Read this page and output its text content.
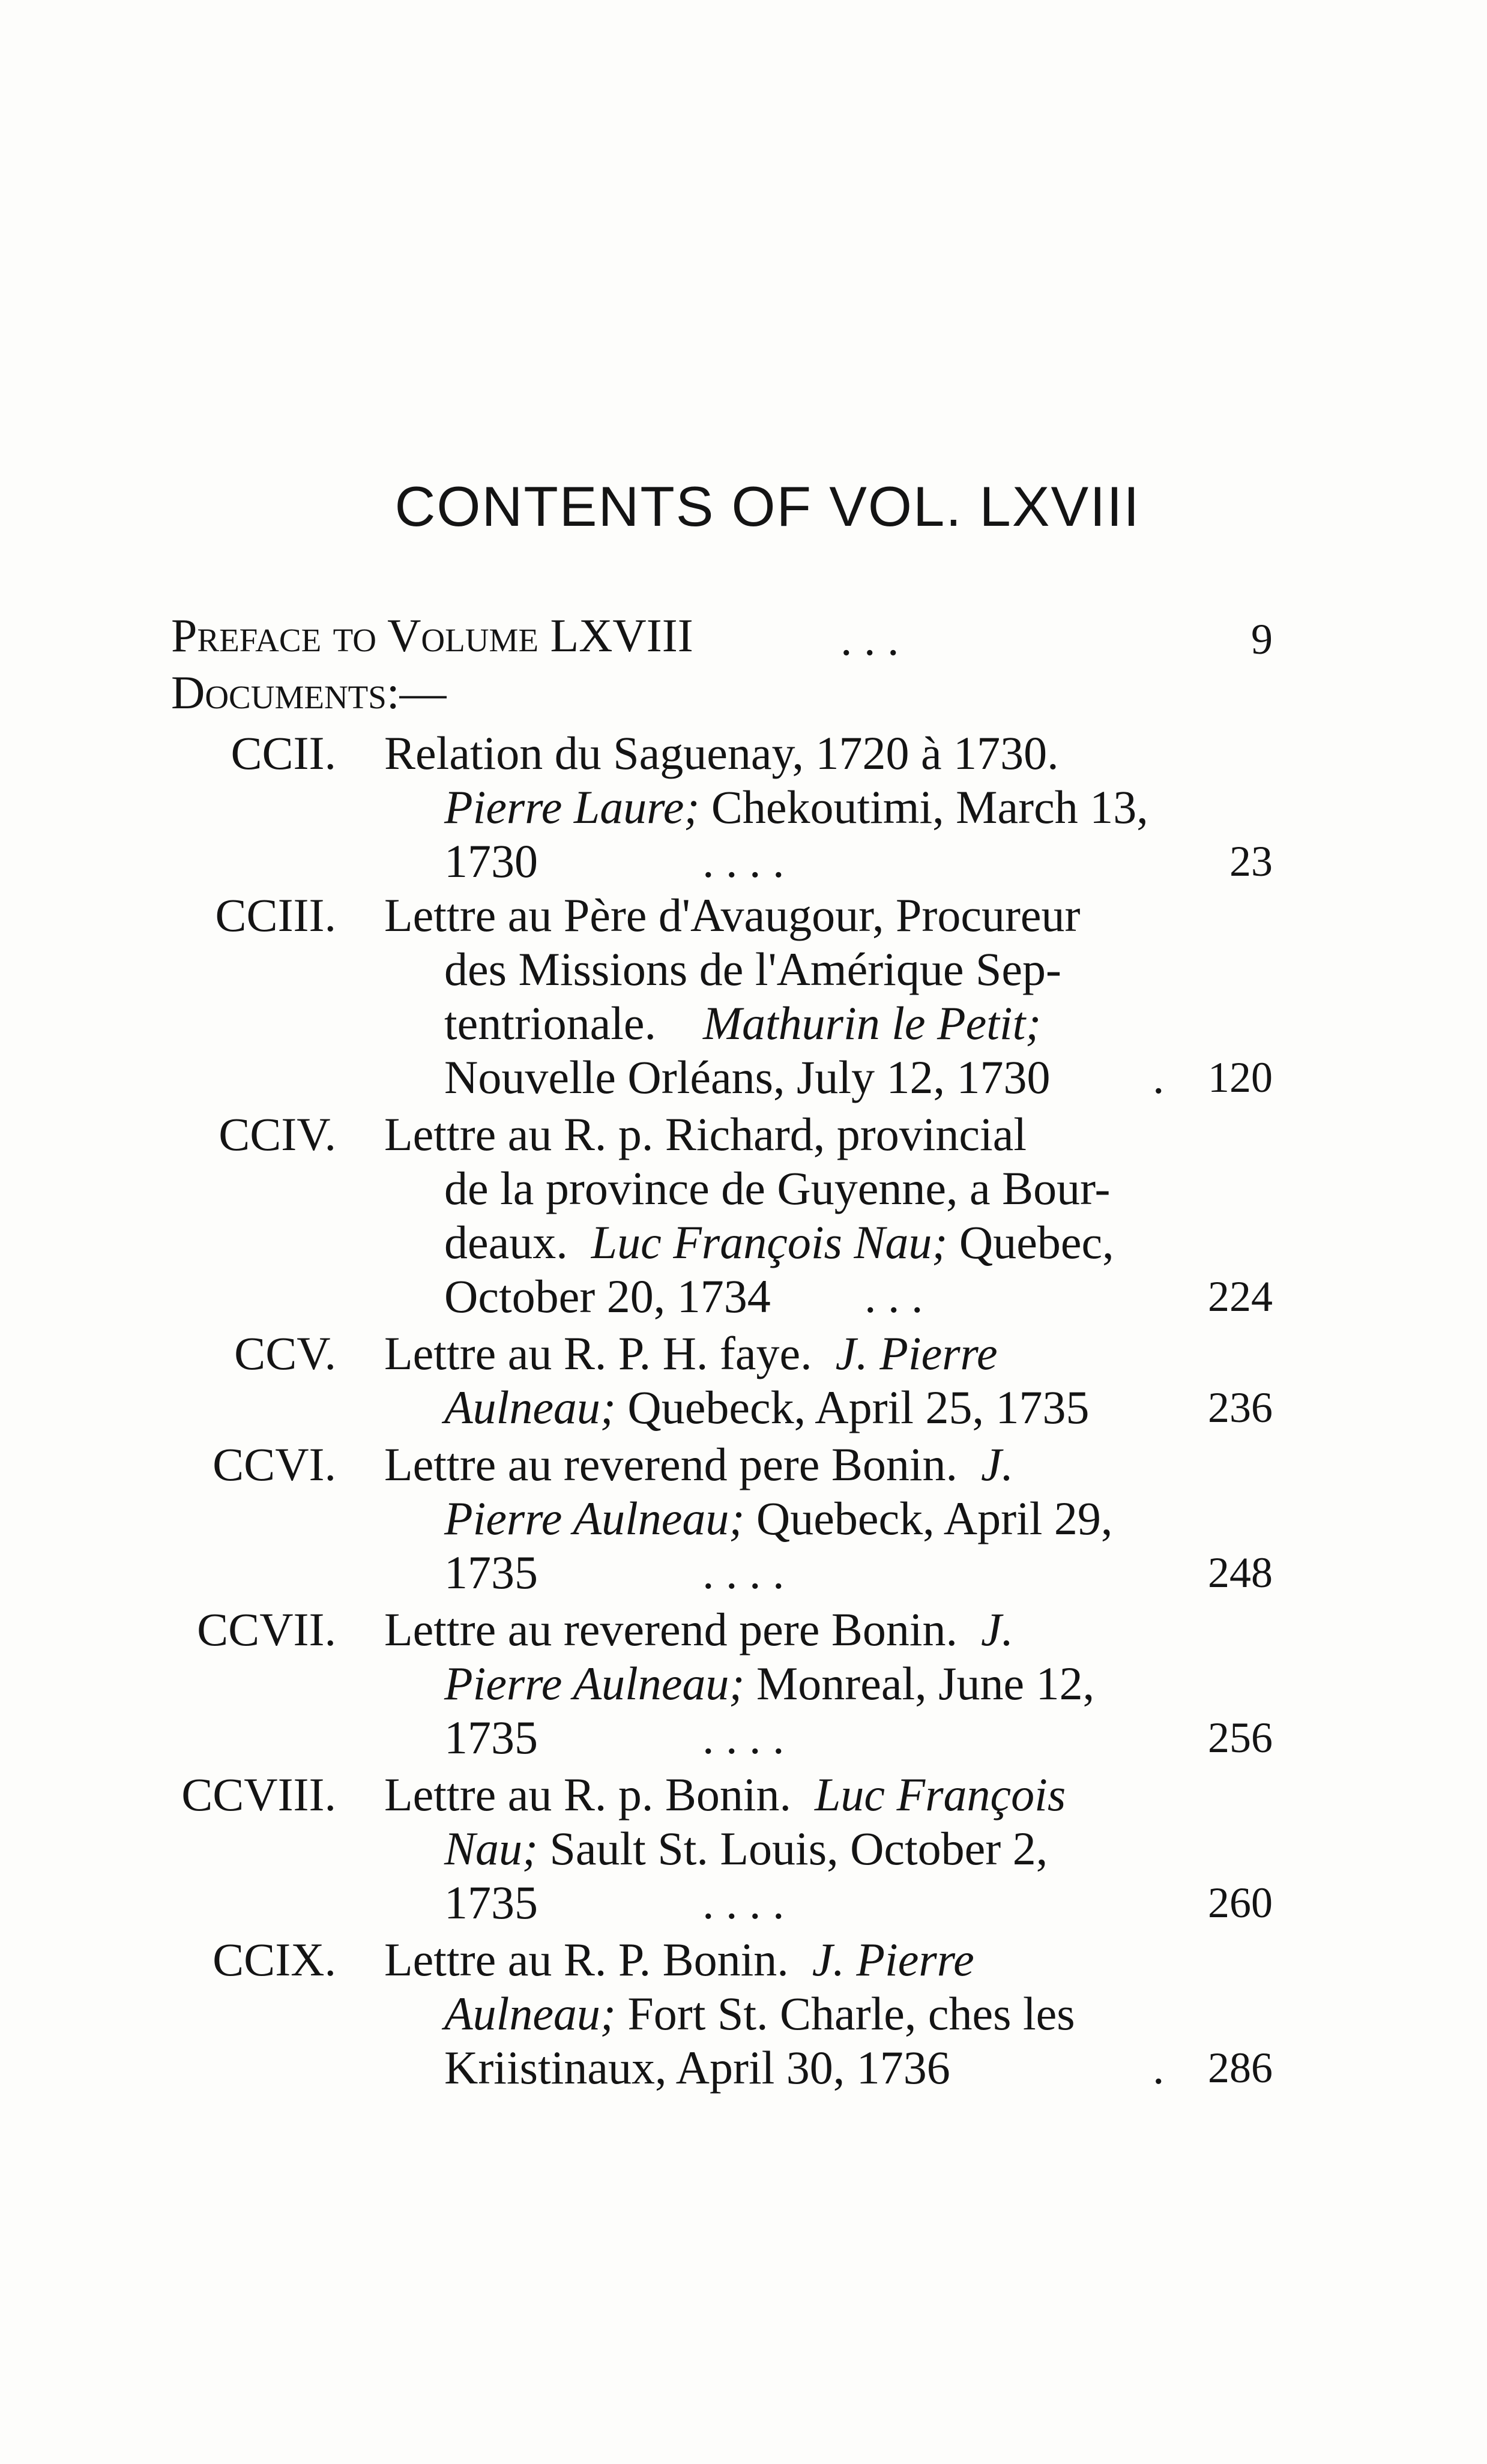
CONTENTS OF VOL. LXVIII
Preface to Volume LXVIII	. . .	9
Documents:—
CCII. Relation du Saguenay, 1720 à 1730.
Pierre Laure; Chekoutimi, March 13,
1730	. . . .	23
CCIII. Lettre au Père d'Avaugour, Procureur
des Missions de l'Amérique Sep-
tentrionale. Mathurin le Petit;
Nouvelle Orléans, July 12, 1730 .	120
CCIV. Lettre au R. p. Richard, provincial
de la province de Guyenne, a Bour-
deaux. Luc François Nau; Quebec,
October 20, 1734 . . .	224
CCV. Lettre au R. P. H. faye. J. Pierre
Aulneau; Quebeck, April 25, 1735	236
CCVI. Lettre au reverend pere Bonin. J.
Pierre Aulneau; Quebeck, April 29,
1735	. . . .	248
CCVII. Lettre au reverend pere Bonin. J.
Pierre Aulneau; Monreal, June 12,
1735	. . . .	256
CCVIII. Lettre au R. p. Bonin. Luc François
Nau; Sault St. Louis, October 2,
1735	. . . .	260
CCIX. Lettre au R. P. Bonin. J. Pierre
Aulneau; Fort St. Charle, ches les
Kriistinaux, April 30, 1736	.	286
